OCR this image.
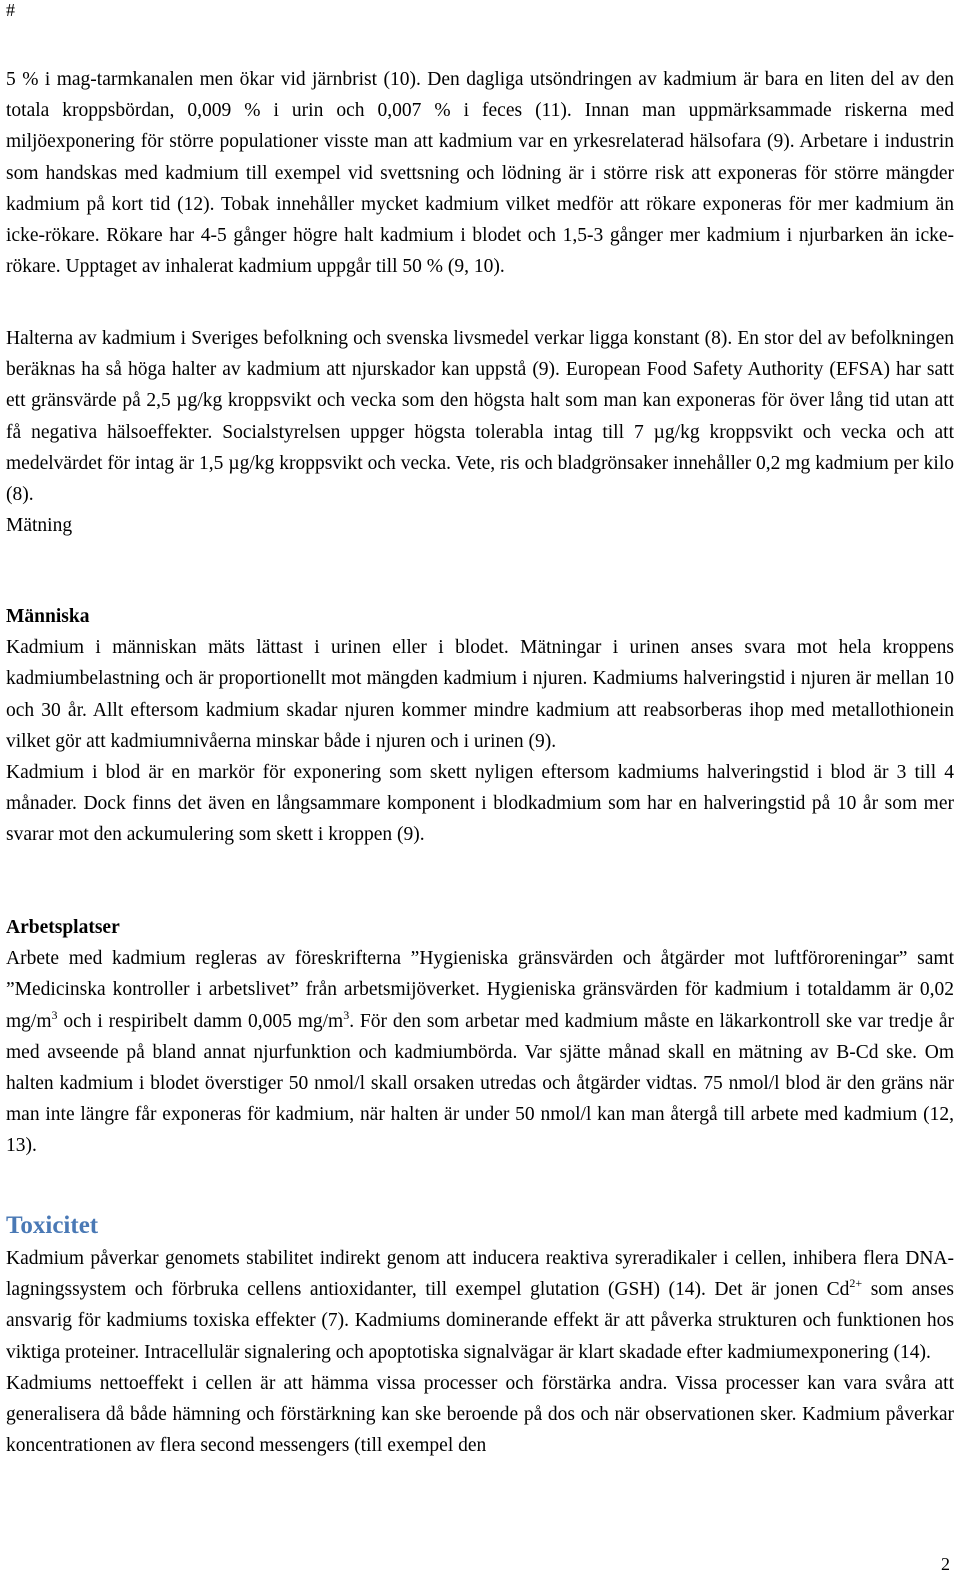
#

5 % i mag-tarmkanalen men ökar vid järnbrist (10). Den dagliga utsöndringen av kadmium är bara en liten del av den totala kroppsbördan, 0,009 % i urin och 0,007 % i feces (11). Innan man uppmärksammade riskerna med miljöexponering för större populationer visste man att kadmium var en yrkesrelaterad hälsofara (9). Arbetare i industrin som handskas med kadmium till exempel vid svettsning och lödning är i större risk att exponeras för större mängder kadmium på kort tid (12). Tobak innehåller mycket kadmium vilket medför att rökare exponeras för mer kadmium än icke-rökare. Rökare har 4-5 gånger högre halt kadmium i blodet och 1,5-3 gånger mer kadmium i njurbarken än icke-rökare. Upptaget av inhalerat kadmium uppgår till 50 % (9, 10).

Halterna av kadmium i Sveriges befolkning och svenska livsmedel verkar ligga konstant (8). En stor del av befolkningen beräknas ha så höga halter av kadmium att njurskador kan uppstå (9). European Food Safety Authority (EFSA) har satt ett gränsvärde på 2,5 µg/kg kroppsvikt och vecka som den högsta halt som man kan exponeras för över lång tid utan att få negativa hälsoeffekter. Socialstyrelsen uppger högsta tolerabla intag till 7 µg/kg kroppsvikt och vecka och att medelvärdet för intag är 1,5 µg/kg kroppsvikt och vecka. Vete, ris och bladgrönsaker innehåller 0,2 mg kadmium per kilo (8).

Mätning

Människa

Kadmium i människan mäts lättast i urinen eller i blodet. Mätningar i urinen anses svara mot hela kroppens kadmiumbelastning och är proportionellt mot mängden kadmium i njuren. Kadmiums halveringstid i njuren är mellan 10 och 30 år. Allt eftersom kadmium skadar njuren kommer mindre kadmium att reabsorberas ihop med metallothionein vilket gör att kadmiumnivåerna minskar både i njuren och i urinen (9).

Kadmium i blod är en markör för exponering som skett nyligen eftersom kadmiums halveringstid i blod är 3 till 4 månader. Dock finns det även en långsammare komponent i blodkadmium som har en halveringstid på 10 år som mer svarar mot den ackumulering som skett i kroppen (9).

Arbetsplatser

Arbete med kadmium regleras av föreskrifterna ”Hygieniska gränsvärden och åtgärder mot luftföroreningar” samt ”Medicinska kontroller i arbetslivet” från arbetsmijöverket. Hygieniska gränsvärden för kadmium i totaldamm är 0,02 $mg/m^3$ och i respiribelt damm 0,005 $mg/m^3$. För den som arbetar med kadmium måste en läkarkontroll ske var tredje år med avseende på bland annat njurfunktion och kadmiumbörda. Var sjätte månad skall en mätning av B-Cd ske. Om halten kadmium i blodet överstiger 50 nmol/l skall orsaken utredas och åtgärder vidtas. 75 nmol/l blod är den gräns när man inte längre får exponeras för kadmium, när halten är under 50 nmol/l kan man återgå till arbete med kadmium (12, 13).

Toxicitet

Kadmium påverkar genomets stabilitet indirekt genom att inducera reaktiva syreradikaler i cellen, inhibera flera DNA-lagningssystem och förbruka cellens antioxidanter, till exempel glutation (GSH) (14). Det är jonen $Cd^{2+}$ som anses ansvarig för kadmiums toxiska effekter (7). Kadmiums dominerande effekt är att påverka strukturen och funktionen hos viktiga proteiner. Intracellulär signalering och apoptotiska signalvägar är klart skadade efter kadmiumexponering (14).

Kadmiums nettoeffekt i cellen är att hämma vissa processer och förstärka andra. Vissa processer kan vara svåra att generalisera då både hämning och förstärkning kan ske beroende på dos och när observationen sker. Kadmium påverkar koncentrationen av flera second messengers (till exempel den

2
